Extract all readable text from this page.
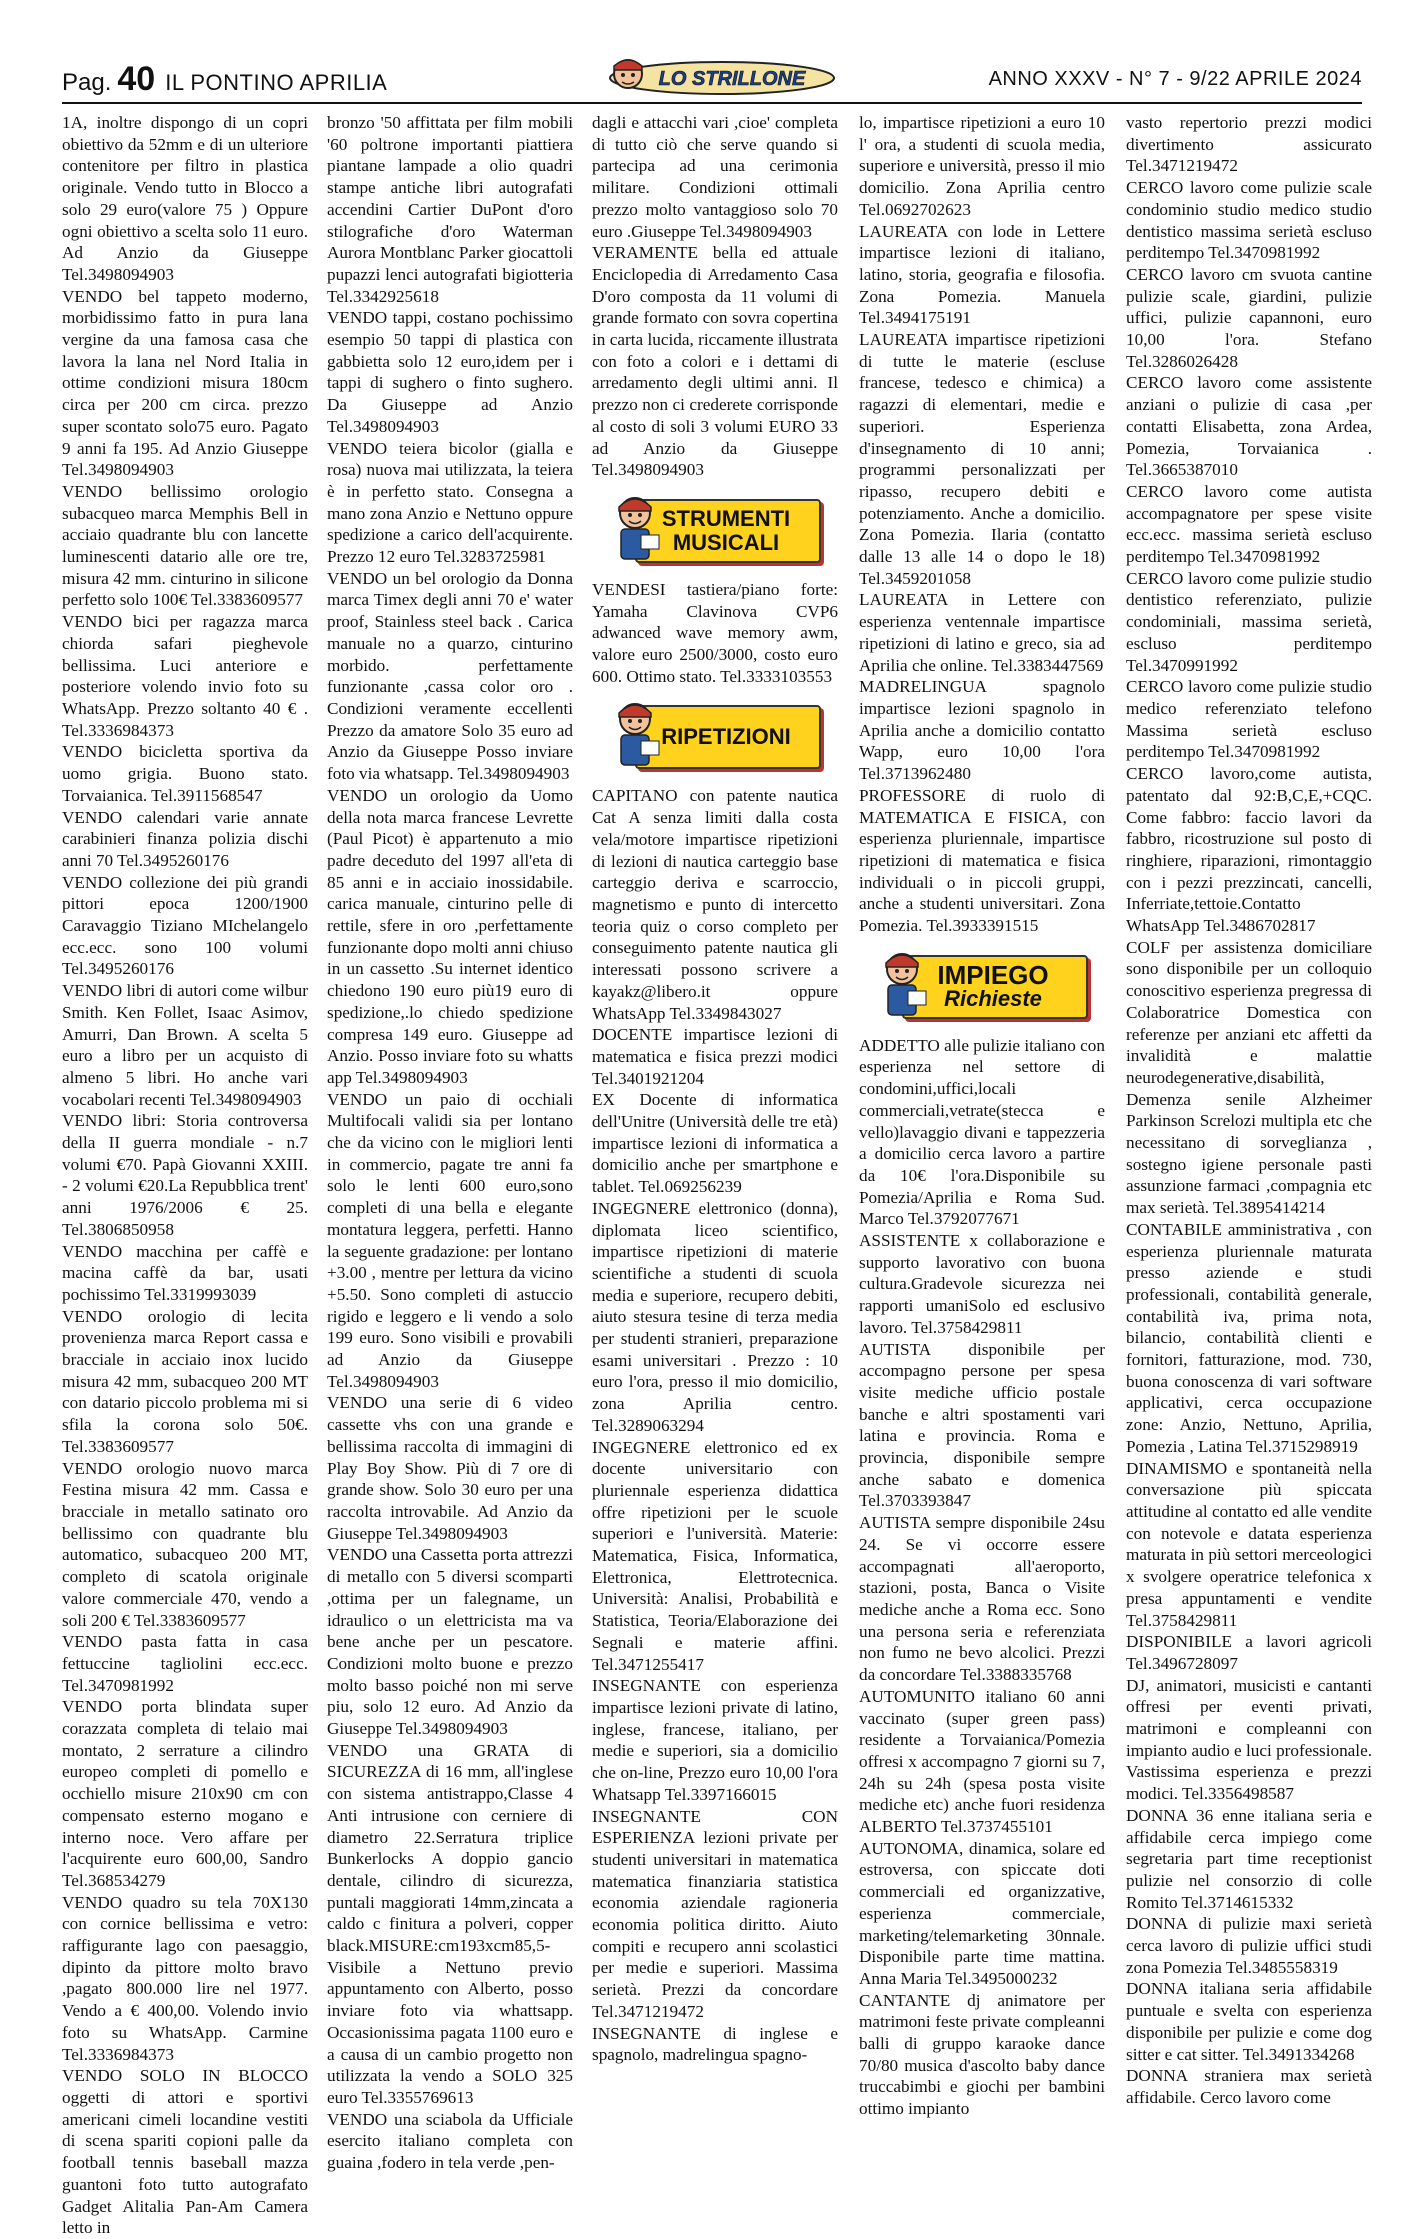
Pag. 40 IL PONTINO APRILIA	LO STRILLONE	ANNO XXXV - N° 7 - 9/22 APRILE 2024

1A, inoltre dispongo di un copri obiettivo da 52mm e di un ulteriore contenitore per filtro in plastica originale. Vendo tutto in Blocco a solo 29 euro(valore 75 ) Oppure ogni obiettivo a scelta solo 11 euro. Ad Anzio da Giuseppe Tel.3498094903

VENDO bel tappeto moderno, morbidissimo fatto in pura lana vergine da una famosa casa che lavora la lana nel Nord Italia in ottime condizioni misura 180cm circa per 200 cm circa. prezzo super scontato solo75 euro. Pagato 9 anni fa 195. Ad Anzio Giuseppe Tel.3498094903

VENDO bellissimo orologio subacqueo marca Memphis Bell in acciaio quadrante blu con lancette luminescenti datario alle ore tre, misura 42 mm. cinturino in silicone perfetto solo 100€ Tel.3383609577

VENDO bici per ragazza marca chiorda safari pieghevole bellissima. Luci anteriore e posteriore volendo invio foto su WhatsApp. Prezzo soltanto 40 € . Tel.3336984373

VENDO bicicletta sportiva da uomo grigia. Buono stato. Torvaianica. Tel.3911568547

VENDO calendari varie annate carabinieri finanza polizia dischi anni 70 Tel.3495260176

VENDO collezione dei più grandi pittori epoca 1200/1900 Caravaggio Tiziano MIchelangelo ecc.ecc. sono 100 volumi Tel.3495260176

VENDO libri di autori come wilbur Smith. Ken Follet, Isaac Asimov, Amurri, Dan Brown. A scelta 5 euro a libro per un acquisto di almeno 5 libri. Ho anche vari vocabolari recenti Tel.3498094903

VENDO libri: Storia controversa della II guerra mondiale - n.7 volumi €70. Papà Giovanni XXIII. - 2 volumi €20.La Repubblica trent' anni 1976/2006 € 25. Tel.3806850958

VENDO macchina per caffè e macina caffè da bar, usati pochissimo Tel.3319993039

VENDO orologio di lecita provenienza marca Report cassa e bracciale in acciaio inox lucido misura 42 mm, subacqueo 200 MT con datario piccolo problema mi si sfila la corona solo 50€. Tel.3383609577

VENDO orologio nuovo marca Festina misura 42 mm. Cassa e bracciale in metallo satinato oro bellissimo con quadrante blu automatico, subacqueo 200 MT, completo di scatola originale valore commerciale 470, vendo a soli 200 € Tel.3383609577

VENDO pasta fatta in casa fettuccine tagliolini ecc.ecc. Tel.3470981992

VENDO porta blindata super corazzata completa di telaio mai montato, 2 serrature a cilindro europeo completi di pomello e occhiello misure 210x90 cm con compensato esterno mogano e interno noce. Vero affare per l'acquirente euro 600,00, Sandro Tel.368534279

VENDO quadro su tela 70X130 con cornice bellissima e vetro: raffigurante lago con paesaggio, dipinto da pittore molto bravo ,pagato 800.000 lire nel 1977. Vendo a € 400,00. Volendo invio foto su WhatsApp. Carmine Tel.3336984373

VENDO SOLO IN BLOCCO oggetti di attori e sportivi americani cimeli locandine vestiti di scena spariti copioni palle da football tennis baseball mazza guantoni foto tutto autografato Gadget Alitalia Pan-Am Camera letto in

bronzo '50 affittata per film mobili '60 poltrone importanti piattiera piantane lampade a olio quadri stampe antiche libri autografati accendini Cartier DuPont d'oro stilografiche d'oro Waterman Aurora Montblanc Parker giocattoli pupazzi lenci autografati bigiotteria Tel.3342925618

VENDO tappi, costano pochissimo esempio 50 tappi di plastica con gabbietta solo 12 euro,idem per i tappi di sughero o finto sughero. Da Giuseppe ad Anzio Tel.3498094903

VENDO teiera bicolor (gialla e rosa) nuova mai utilizzata, la teiera è in perfetto stato. Consegna a mano zona Anzio e Nettuno oppure spedizione a carico dell'acquirente. Prezzo 12 euro Tel.3283725981

VENDO un bel orologio da Donna marca Timex degli anni 70 e' water proof, Stainless steel back . Carica manuale no a quarzo, cinturino morbido. perfettamente funzionante ,cassa color oro . Condizioni veramente eccellenti Prezzo da amatore Solo 35 euro ad Anzio da Giuseppe Posso inviare foto via whatsapp. Tel.3498094903

VENDO un orologio da Uomo della nota marca francese Levrette (Paul Picot) è appartenuto a mio padre deceduto del 1997 all'eta di 85 anni e in acciaio inossidabile. carica manuale, cinturino pelle di rettile, sfere in oro ,perfettamente funzionante dopo molti anni chiuso in un cassetto .Su internet identico chiedono 190 euro più19 euro di spedizione,.lo chiedo spedizione compresa 149 euro. Giuseppe ad Anzio. Posso inviare foto su whatts app Tel.3498094903

VENDO un paio di occhiali Multifocali validi sia per lontano che da vicino con le migliori lenti in commercio, pagate tre anni fa solo le lenti 600 euro,sono completi di una bella e elegante montatura leggera, perfetti. Hanno la seguente gradazione: per lontano +3.00 , mentre per lettura da vicino +5.50. Sono completi di astuccio rigido e leggero e li vendo a solo 199 euro. Sono visibili e provabili ad Anzio da Giuseppe Tel.3498094903

VENDO una serie di 6 video cassette vhs con una grande e bellissima raccolta di immagini di Play Boy Show. Più di 7 ore di grande show. Solo 30 euro per una raccolta introvabile. Ad Anzio da Giuseppe Tel.3498094903

VENDO una Cassetta porta attrezzi di metallo con 5 diversi scomparti ,ottima per un falegname, un idraulico o un elettricista ma va bene anche per un pescatore. Condizioni molto buone e prezzo molto basso poiché non mi serve piu, solo 12 euro. Ad Anzio da Giuseppe Tel.3498094903

VENDO una GRATA di SICUREZZA di 16 mm, all'inglese con sistema antistrappo,Classe 4 Anti intrusione con cerniere di diametro 22.Serratura triplice Bunkerlocks A doppio gancio dentale, cilindro di sicurezza, puntali maggiorati 14mm,zincata a caldo c finitura a polveri, copper black.MISURE:cm193xcm85,5- Visibile a Nettuno previo appuntamento con Alberto, posso inviare foto via whattsapp. Occasionissima pagata 1100 euro e a causa di un cambio progetto non utilizzata la vendo a SOLO 325 euro Tel.3355769613

VENDO una sciabola da Ufficiale esercito italiano completa con guaina ,fodero in tela verde ,pen-

dagli e attacchi vari ,cioe' completa di tutto ciò che serve quando si partecipa ad una cerimonia militare. Condizioni ottimali prezzo molto vantaggioso solo 70 euro .Giuseppe Tel.3498094903

VERAMENTE bella ed attuale Enciclopedia di Arredamento Casa D'oro composta da 11 volumi di grande formato con sovra copertina in carta lucida, riccamente illustrata con foto a colori e i dettami di arredamento degli ultimi anni. Il prezzo non ci crederete corrisponde al costo di soli 3 volumi EURO 33 ad Anzio da Giuseppe Tel.3498094903

STRUMENTI
MUSICALI

VENDESI tastiera/piano forte: Yamaha Clavinova CVP6 adwanced wave memory awm, valore euro 2500/3000, costo euro 600. Ottimo stato. Tel.3333103553

RIPETIZIONI

CAPITANO con patente nautica Cat A senza limiti dalla costa vela/motore impartisce ripetizioni di lezioni di nautica carteggio base carteggio deriva e scarroccio, magnetismo e punto di intercetto teoria quiz o corso completo per conseguimento patente nautica gli interessati possono scrivere a kayakz@libero.it oppure WhatsApp Tel.3349843027

DOCENTE impartisce lezioni di matematica e fisica prezzi modici Tel.3401921204

EX Docente di informatica dell'Unitre (Università delle tre età) impartisce lezioni di informatica a domicilio anche per smartphone e tablet. Tel.069256239

INGEGNERE elettronico (donna), diplomata liceo scientifico, impartisce ripetizioni di materie scientifiche a studenti di scuola media e superiore, recupero debiti, aiuto stesura tesine di terza media per studenti stranieri, preparazione esami universitari . Prezzo : 10 euro l'ora, presso il mio domicilio, zona Aprilia centro. Tel.3289063294

INGEGNERE elettronico ed ex docente universitario con pluriennale esperienza didattica offre ripetizioni per le scuole superiori e l'università. Materie: Matematica, Fisica, Informatica, Elettronica, Elettrotecnica. Università: Analisi, Probabilità e Statistica, Teoria/Elaborazione dei Segnali e materie affini. Tel.3471255417

INSEGNANTE con esperienza impartisce lezioni private di latino, inglese, francese, italiano, per medie e superiori, sia a domicilio che on-line, Prezzo euro 10,00 l'ora Whatsapp Tel.3397166015

INSEGNANTE CON ESPERIENZA lezioni private per studenti universitari in matematica matematica finanziaria statistica economia aziendale ragioneria economia politica diritto. Aiuto compiti e recupero anni scolastici per medie e superiori. Massima serietà. Prezzi da concordare Tel.3471219472

INSEGNANTE di inglese e spagnolo, madrelingua spagno-

lo, impartisce ripetizioni a euro 10 l' ora, a studenti di scuola media, superiore e università, presso il mio domicilio. Zona Aprilia centro Tel.0692702623

LAUREATA con lode in Lettere impartisce lezioni di italiano, latino, storia, geografia e filosofia. Zona Pomezia. Manuela Tel.3494175191

LAUREATA impartisce ripetizioni di tutte le materie (escluse francese, tedesco e chimica) a ragazzi di elementari, medie e superiori. Esperienza d'insegnamento di 10 anni; programmi personalizzati per ripasso, recupero debiti e potenziamento. Anche a domicilio. Zona Pomezia. Ilaria (contatto dalle 13 alle 14 o dopo le 18) Tel.3459201058

LAUREATA in Lettere con esperienza ventennale impartisce ripetizioni di latino e greco, sia ad Aprilia che online. Tel.3383447569

MADRELINGUA spagnolo impartisce lezioni spagnolo in Aprilia anche a domicilio contatto Wapp, euro 10,00 l'ora Tel.3713962480

PROFESSORE di ruolo di MATEMATICA E FISICA, con esperienza pluriennale, impartisce ripetizioni di matematica e fisica individuali o in piccoli gruppi, anche a studenti universitari. Zona Pomezia. Tel.3933391515

IMPIEGO
Richieste

ADDETTO alle pulizie italiano con esperienza nel settore di condomini,uffici,locali commerciali,vetrate(stecca e vello)lavaggio divani e tappezzeria a domicilio cerca lavoro a partire da 10€ l'ora.Disponibile su Pomezia/Aprilia e Roma Sud. Marco Tel.3792077671

ASSISTENTE x collaborazione e supporto lavorativo con buona cultura.Gradevole sicurezza nei rapporti umaniSolo ed esclusivo lavoro. Tel.3758429811

AUTISTA disponibile per accompagno persone per spesa visite mediche ufficio postale banche e altri spostamenti vari latina e provincia. Roma e provincia, disponibile sempre anche sabato e domenica Tel.3703393847

AUTISTA sempre disponibile 24su 24. Se vi occorre essere accompagnati all'aeroporto, stazioni, posta, Banca o Visite mediche anche a Roma ecc. Sono una persona seria e referenziata non fumo ne bevo alcolici. Prezzi da concordare Tel.3388335768

AUTOMUNITO italiano 60 anni vaccinato (super green pass) residente a Torvaianica/Pomezia offresi x accompagno 7 giorni su 7, 24h su 24h (spesa posta visite mediche etc) anche fuori residenza ALBERTO Tel.3737455101

AUTONOMA, dinamica, solare ed estroversa, con spiccate doti commerciali ed organizzative, esperienza commerciale, marketing/telemarketing 30nnale. Disponibile parte time mattina. Anna Maria Tel.3495000232

CANTANTE dj animatore per matrimoni feste private compleanni balli di gruppo karaoke dance 70/80 musica d'ascolto baby dance truccabimbi e giochi per bambini ottimo impianto

vasto repertorio prezzi modici divertimento assicurato Tel.3471219472

CERCO lavoro come pulizie scale condominio studio medico studio dentistico massima serietà escluso perditempo Tel.3470981992

CERCO lavoro cm svuota cantine pulizie scale, giardini, pulizie uffici, pulizie capannoni, euro 10,00 l'ora. Stefano Tel.3286026428

CERCO lavoro come assistente anziani o pulizie di casa ,per contatti Elisabetta, zona Ardea, Pomezia, Torvaianica . Tel.3665387010

CERCO lavoro come autista accompagnatore per spese visite ecc.ecc. massima serietà escluso perditempo Tel.3470981992

CERCO lavoro come pulizie studio dentistico referenziato, pulizie condominiali, massima serietà, escluso perditempo Tel.3470991992

CERCO lavoro come pulizie studio medico referenziato telefono Massima serietà escluso perditempo Tel.3470981992

CERCO lavoro,come autista, patentato dal 92:B,C,E,+CQC. Come fabbro: faccio lavori da fabbro, ricostruzione sul posto di ringhiere, riparazioni, rimontaggio con i pezzi prezzincati, cancelli, Inferriate,tettoie.Contatto WhatsApp Tel.3486702817

COLF per assistenza domiciliare sono disponibile per un colloquio conoscitivo esperienza pregressa di Colaboratrice Domestica con referenze per anziani etc affetti da invalidità e malattie neurodegenerative,disabilità, Demenza senile Alzheimer Parkinson Screlozi multipla etc che necessitano di sorveglianza , sostegno igiene personale pasti assunzione farmaci ,compagnia etc max serietà. Tel.3895414214

CONTABILE amministrativa , con esperienza pluriennale maturata presso aziende e studi professionali, contabilità generale, contabilità iva, prima nota, bilancio, contabilità clienti e fornitori, fatturazione, mod. 730, buona conoscenza di vari software applicativi, cerca occupazione zone: Anzio, Nettuno, Aprilia, Pomezia , Latina Tel.3715298919

DINAMISMO e spontaneità nella conversazione più spiccata attitudine al contatto ed alle vendite con notevole e datata esperienza maturata in più settori merceologici x svolgere operatrice telefonica x presa appuntamenti e vendite Tel.3758429811

DISPONIBILE a lavori agricoli Tel.3496728097

DJ, animatori, musicisti e cantanti offresi per eventi privati, matrimoni e compleanni con impianto audio e luci professionale. Vastissima esperienza e prezzi modici. Tel.3356498587

DONNA 36 enne italiana seria e affidabile cerca impiego come segretaria part time receptionist pulizie nel consorzio di colle Romito Tel.3714615332

DONNA di pulizie maxi serietà cerca lavoro di pulizie uffici studi zona Pomezia Tel.3485558319

DONNA italiana seria affidabile puntuale e svelta con esperienza disponibile per pulizie e come dog sitter e cat sitter. Tel.3491334268

DONNA straniera max serietà affidabile. Cerco lavoro come
